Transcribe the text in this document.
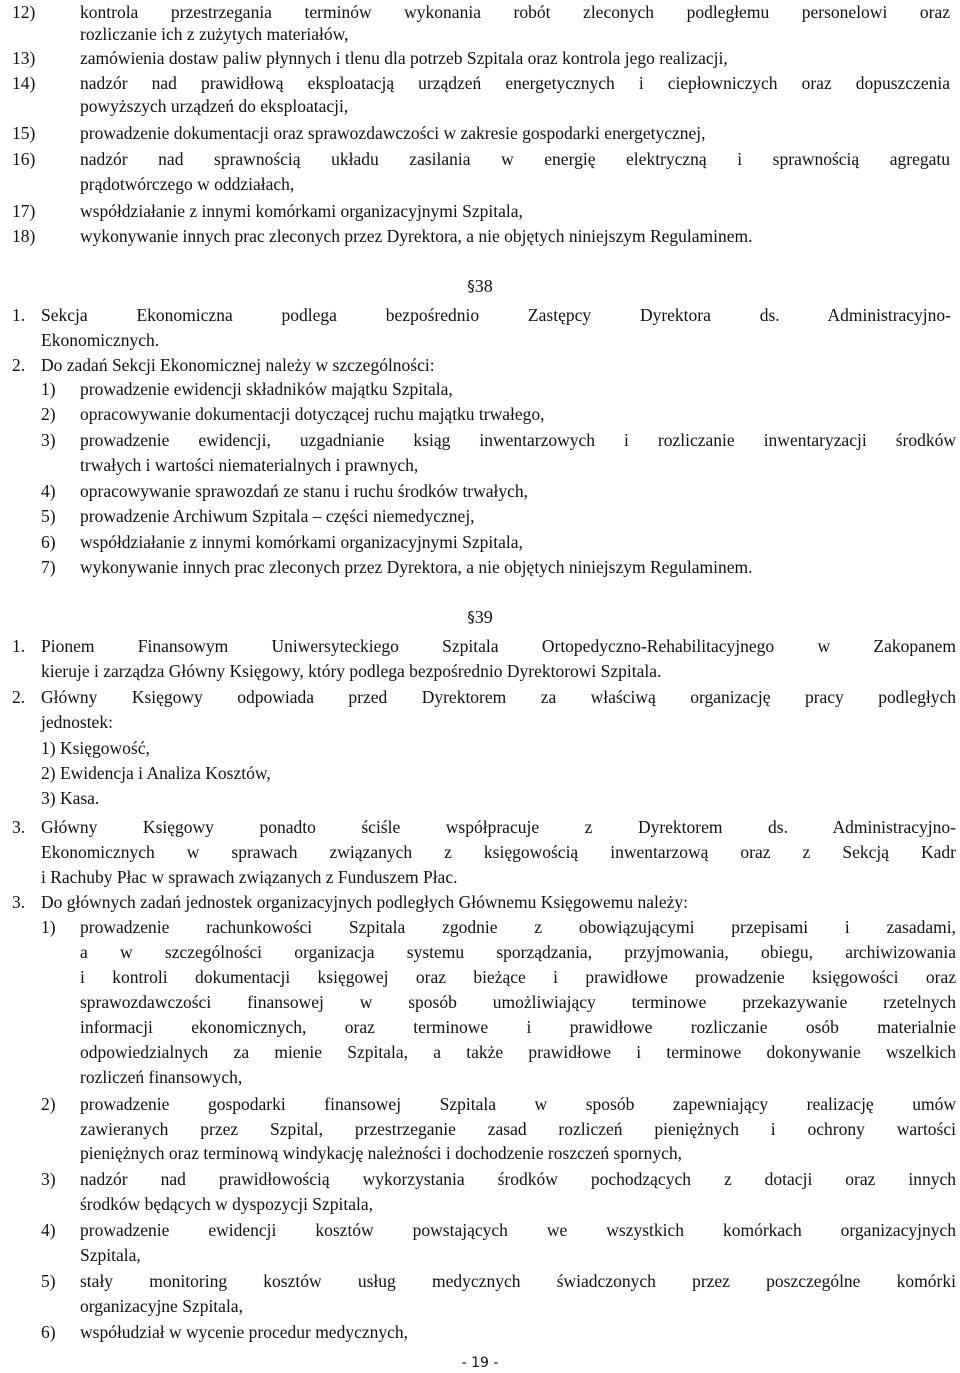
12)	kontrola przestrzegania terminów wykonania robót zleconych podległemu personelowi oraz

rozliczanie ich z zużytych materiałów,

13)	zamówienia dostaw paliw płynnych i tlenu dla potrzeb Szpitala oraz kontrola jego realizacji,

14)	nadzór nad prawidłową eksploatacją urządzeń energetycznych i ciepłowniczych oraz dopuszczenia

powyższych urządzeń do eksploatacji,

15)	prowadzenie dokumentacji oraz sprawozdawczości w zakresie gospodarki energetycznej,

16)	nadzór nad sprawnością układu zasilania w energię elektryczną i sprawnością agregatu

prądotwórczego w oddziałach,

17)	współdziałanie z innymi komórkami organizacyjnymi Szpitala,

18)	wykonywanie innych prac zleconych przez Dyrektora, a nie objętych niniejszym Regulaminem.

§38

1. Sekcja Ekonomiczna podlega bezpośrednio Zastępcy Dyrektora ds. Administracyjno-

Ekonomicznych.

2. Do zadań Sekcji Ekonomicznej należy w szczególności:

1) prowadzenie ewidencji składników majątku Szpitala,

2) opracowywanie dokumentacji dotyczącej ruchu majątku trwałego,

3) prowadzenie ewidencji, uzgadnianie ksiąg inwentarzowych i rozliczanie inwentaryzacji środków

trwałych i wartości niematerialnych i prawnych,

4) opracowywanie sprawozdań ze stanu i ruchu środków trwałych,

5) prowadzenie Archiwum Szpitala – części niemedycznej,

6) współdziałanie z innymi komórkami organizacyjnymi Szpitala,

7) wykonywanie innych prac zleconych przez Dyrektora, a nie objętych niniejszym Regulaminem.

§39

1. Pionem Finansowym Uniwersyteckiego Szpitala Ortopedyczno-Rehabilitacyjnego w Zakopanem

kieruje i zarządza Główny Księgowy, który podlega bezpośrednio Dyrektorowi Szpitala.

2. Główny Księgowy odpowiada przed Dyrektorem za właściwą organizację pracy podległych

jednostek:

1) Księgowość,

2) Ewidencja i Analiza Kosztów,

3) Kasa.

3. Główny Księgowy ponadto ściśle współpracuje z Dyrektorem ds. Administracyjno-

Ekonomicznych w sprawach związanych z księgowością inwentarzową oraz z Sekcją Kadr

i Rachuby Płac w sprawach związanych z Funduszem Płac.

3. Do głównych zadań jednostek organizacyjnych podległych Głównemu Księgowemu należy:

1) prowadzenie rachunkowości Szpitala zgodnie z obowiązującymi przepisami i zasadami,

a w szczególności organizacja systemu sporządzania, przyjmowania, obiegu, archiwizowania

i kontroli dokumentacji księgowej oraz bieżące i prawidłowe prowadzenie księgowości oraz

sprawozdawczości finansowej w sposób umożliwiający terminowe przekazywanie rzetelnych

informacji ekonomicznych, oraz terminowe i prawidłowe rozliczanie osób materialnie

odpowiedzialnych za mienie Szpitala, a także prawidłowe i terminowe dokonywanie wszelkich

rozliczeń finansowych,

2) prowadzenie gospodarki finansowej Szpitala w sposób zapewniający realizację umów

zawieranych przez Szpital, przestrzeganie zasad rozliczeń pieniężnych i ochrony wartości

pieniężnych oraz terminową windykację należności i dochodzenie roszczeń spornych,

3) nadzór nad prawidłowością wykorzystania środków pochodzących z dotacji oraz innych

środków będących w dyspozycji Szpitala,

4) prowadzenie ewidencji kosztów powstających we wszystkich komórkach organizacyjnych

Szpitala,

5) stały monitoring kosztów usług medycznych świadczonych przez poszczególne komórki

organizacyjne Szpitala,

6) współudział w wycenie procedur medycznych,

- 19 -
